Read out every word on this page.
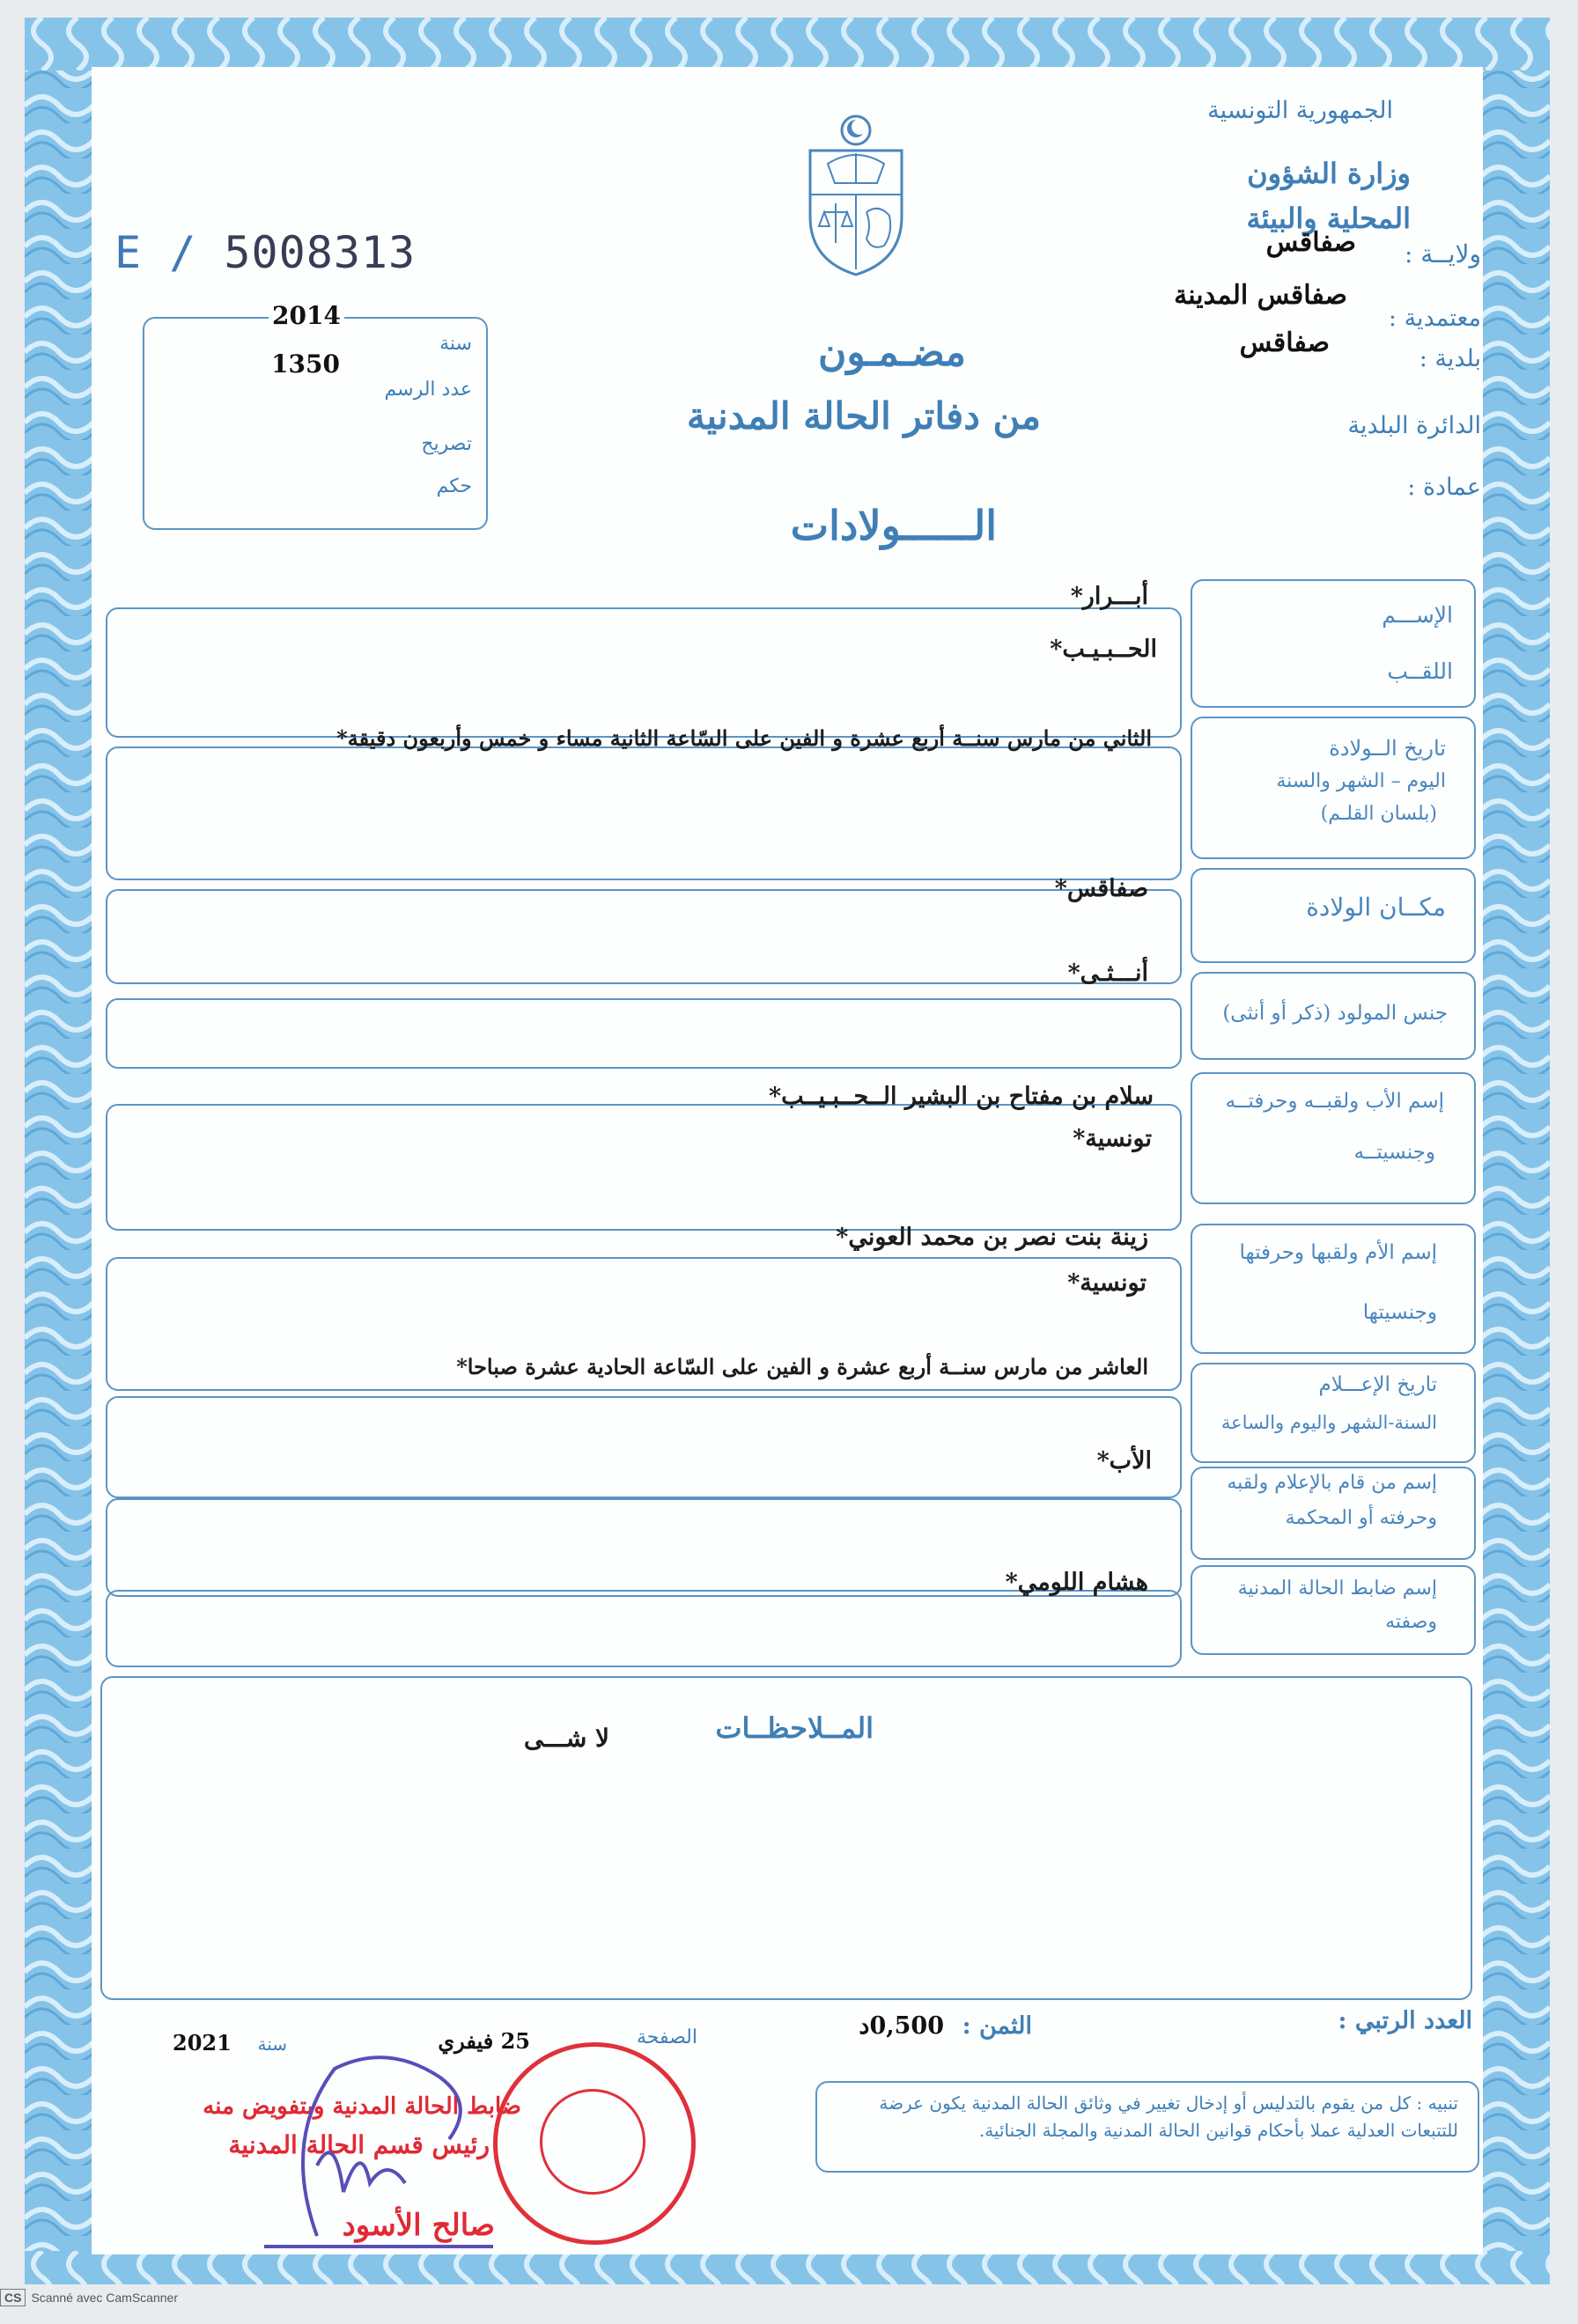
الجمهورية التونسية
وزارة الشؤون المحلية والبيئة
ولايــة :
صفاقس
معتمدية :
صفاقس المدينة
بلدية :
صفاقس
الدائرة البلدية
عمادة :
E / 5008313
2014
سنة
1350
عدد الرسم
تصريح
حكم
مضـمـون
من دفاتر الحالة المدنية
الــــــولادات
الإســـم
اللقــب
أبـــرار*
الحــبـيـب*
تاريخ الــولادة
اليوم – الشهر والسنة
(بلسان القلـم)
الثاني من مارس سنــة أربع عشرة و الفين على السّاعة الثانية مساء و خمس وأربعون دقيقة*
مكــان الولادة
صفاقس*
جنس المولود (ذكر أو أنثى)
أنـــثـى*
إسم الأب ولقبــه وحرفتــه
وجنسيتــه
سلام بن مفتاح بن البشير الــحــبـيــب*
تونسية*
إسم الأم ولقبها وحرفتها
وجنسيتها
زينة بنت نصر بن محمد العوني*
تونسية*
تاريخ الإعـــلام
السنة-الشهر واليوم والساعة
العاشر من مارس سنــة أربع عشرة و الفين على السّاعة الحادية عشرة صباحا*
إسم من قام بالإعلام ولقبه
وحرفته أو المحكمة
الأب*
إسم ضابط الحالة المدنية
وصفته
هشام اللومي*
المــلاحظــات
لا شـــى
العدد الرتبي :
الثمن :
0,500د
تنبيه : كل من يقوم بالتدليس أو إدخال تغيير في وثائق الحالة المدنية يكون عرضة للتتبعات العدلية عملا بأحكام قوانين الحالة المدنية والمجلة الجنائية.
الصفحة
25 فيفري
سنة
2021
ضابط الحالة المدنية وبتفويض منه
رئيس قسم الحالة المدنية
صالح الأسود
CS Scanné avec CamScanner
